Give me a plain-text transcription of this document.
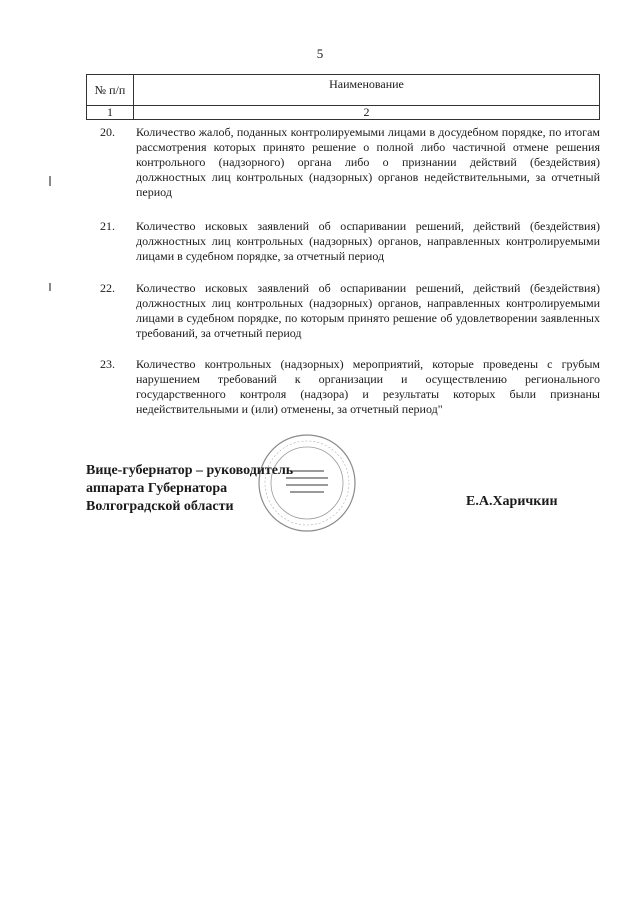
5
№ п/п	Наименование
1	2
20.	Количество жалоб, поданных контролируемыми лицами в досудебном порядке, по итогам рассмотрения которых принято решение о полной либо частичной отмене решения контрольного (надзорного) органа либо о признании действий (бездействия) должностных лиц контрольных (надзорных) органов недействительными, за отчетный период
21.	Количество исковых заявлений об оспаривании решений, действий (бездействия) должностных лиц контрольных (надзорных) органов, направленных контролируемыми лицами в судебном порядке, за отчетный период
22.	Количество исковых заявлений об оспаривании решений, действий (бездействия) должностных лиц контрольных (надзорных) органов, направленных контролируемыми лицами в судебном порядке, по которым принято решение об удовлетворении заявленных требований, за отчетный период
23.	Количество контрольных (надзорных) мероприятий, которые проведены с грубым нарушением требований к организации и осуществлению регионального государственного контроля (надзора) и результаты которых были признаны недействительными и (или) отменены, за отчетный период"
Вице-губернатор – руководитель
аппарата Губернатора
Волгоградской области	Е.А.Харичкин
